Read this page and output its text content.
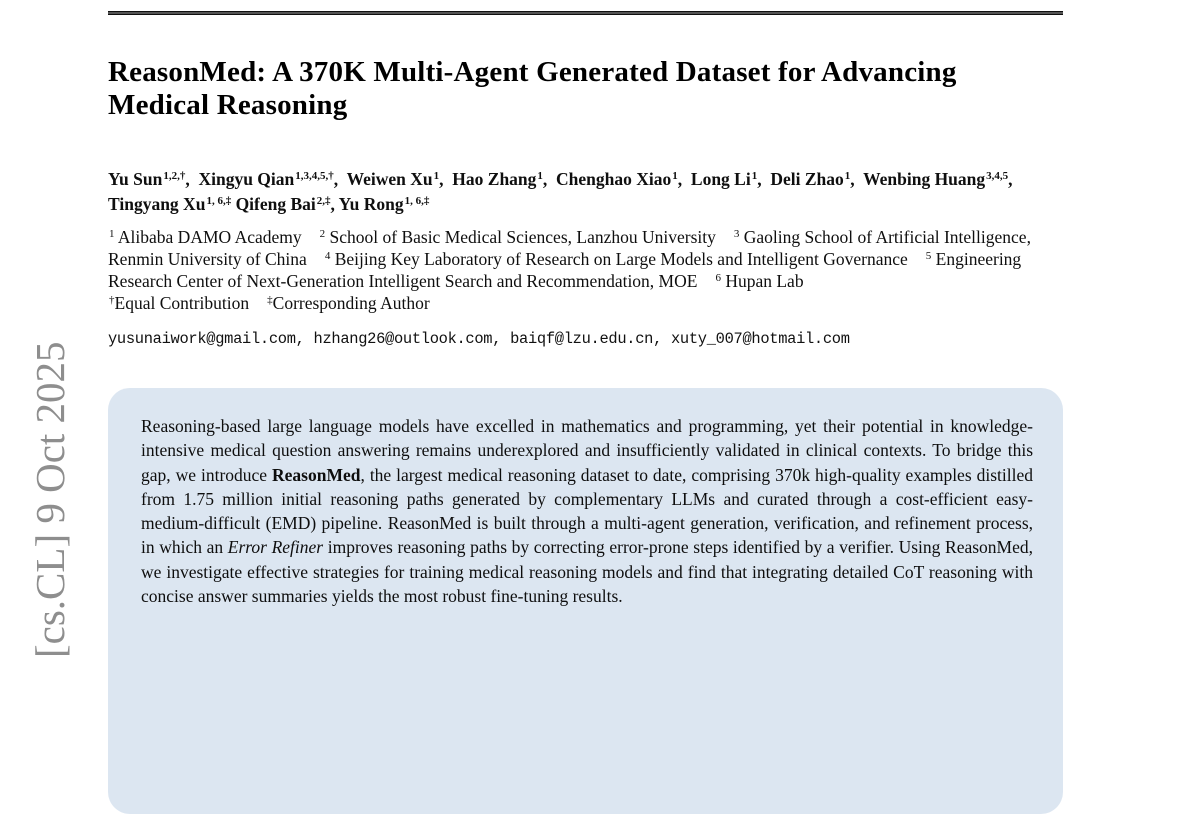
[cs.CL] 9 Oct 2025
ReasonMed: A 370K Multi-Agent Generated Dataset for Advancing
Medical Reasoning

Yu Sun$^{1,2,\dagger}$,  Xingyu Qian$^{1,3,4,5,\dagger}$,  Weiwen Xu$^1$,  Hao Zhang$^1$,  Chenghao Xiao$^1$,  Long Li$^1$,  Deli Zhao$^1$,  Wenbing Huang$^{3,4,5}$, Tingyang $Xu^{1, 6,\ddagger}$ Qifeng Bai$^{2,\ddagger}$, Yu Rong$^{1, 6,\ddagger}$

$^1$ Alibaba DAMO Academy $^2$ School of Basic Medical Sciences, Lanzhou University $^3$ Gaoling School of Artificial Intelligence, Renmin University of China $^4$ Beijing Key Laboratory of Research on Large Models and Intelligent Governance $^5$ Engineering Research Center of Next-Generation Intelligent Search and Recommendation, MOE $^6$ Hupan Lab

†Equal Contribution ‡Corresponding Author

yusunaiwork@gmail.com, hzhang26@outlook.com, baiqf@lzu.edu.cn, xuty_007@hotmail.com

Reasoning-based large language models have excelled in mathematics and programming, yet their potential in knowledge-intensive medical question answering remains underexplored and insufficiently validated in clinical contexts. To bridge this gap, we introduce ReasonMed, the largest medical reasoning dataset to date, comprising 370k high-quality examples distilled from 1.75 million initial reasoning paths generated by complementary LLMs and curated through a cost-efficient easy-medium-difficult (EMD) pipeline. ReasonMed is built through a multi-agent generation, verification, and refinement process, in which an Error Refiner improves reasoning paths by correcting error-prone steps identified by a verifier. Using ReasonMed, we investigate effective strategies for training medical reasoning models and find that integrating detailed CoT reasoning with concise answer summaries yields the most robust fine-tuning results.
